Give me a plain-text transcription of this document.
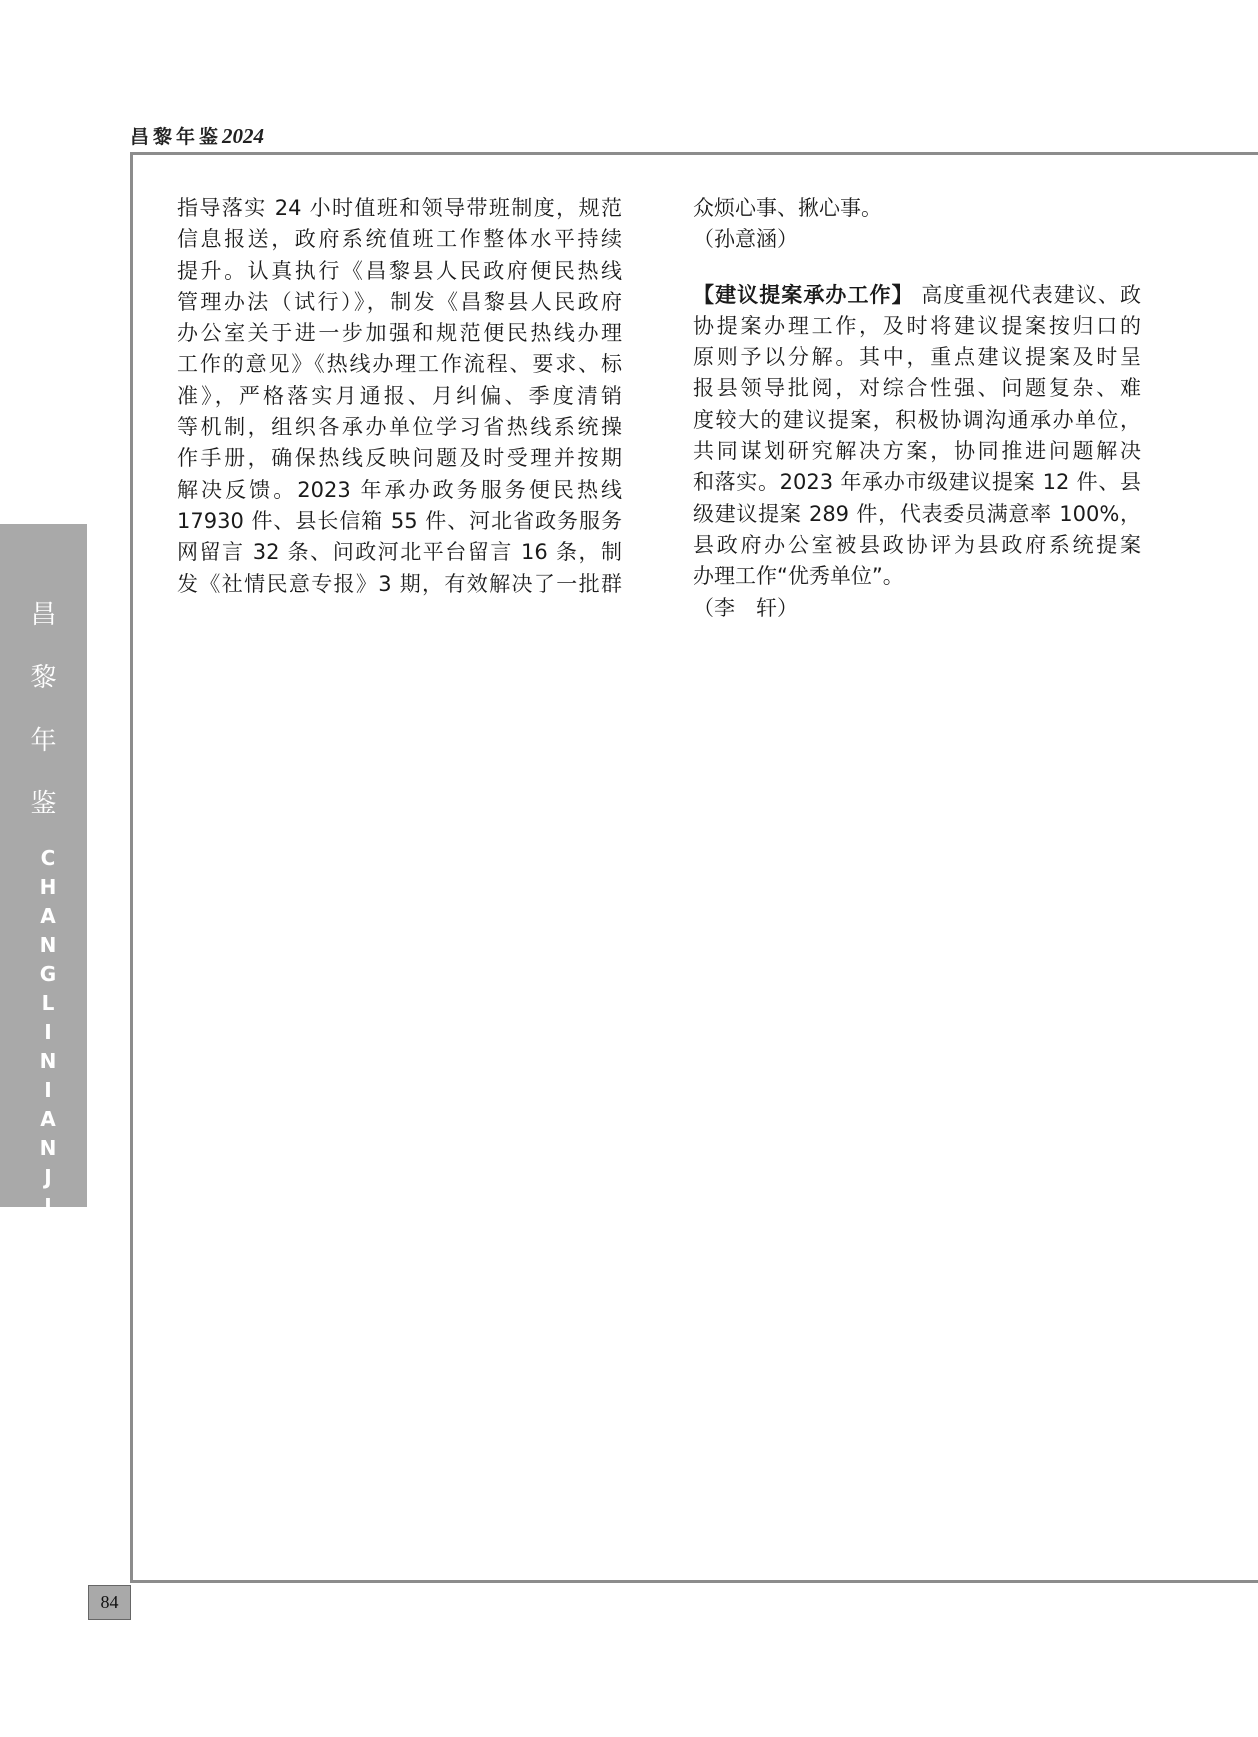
昌黎年鉴2024
昌
黎
年
鉴
C
H
A
N
G
L
I
N
I
A
N
J
I
A
N
84

指导落实 24 小时值班和领导带班制度，规范

信息报送，政府系统值班工作整体水平持续

提升。认真执行《昌黎县人民政府便民热线

管理办法（试行）》，制发《昌黎县人民政府

办公室关于进一步加强和规范便民热线办理

工作的意见》《热线办理工作流程、要求、标

准》，严格落实月通报、月纠偏、季度清销

等机制，组织各承办单位学习省热线系统操

作手册，确保热线反映问题及时受理并按期

解决反馈。2023 年承办政务服务便民热线

17930 件、县长信箱 55 件、河北省政务服务

网留言 32 条、问政河北平台留言 16 条，制

发《社情民意专报》3 期，有效解决了一批群

众烦心事、揪心事。

（孙意涵）

【建议提案承办工作】 高度重视代表建议、政

协提案办理工作，及时将建议提案按归口的

原则予以分解。其中，重点建议提案及时呈

报县领导批阅，对综合性强、问题复杂、难

度较大的建议提案，积极协调沟通承办单位，

共同谋划研究解决方案，协同推进问题解决

和落实。2023 年承办市级建议提案 12 件、县

级建议提案 289 件，代表委员满意率 100%，

县政府办公室被县政协评为县政府系统提案

办理工作“优秀单位”。

（李　轩）
